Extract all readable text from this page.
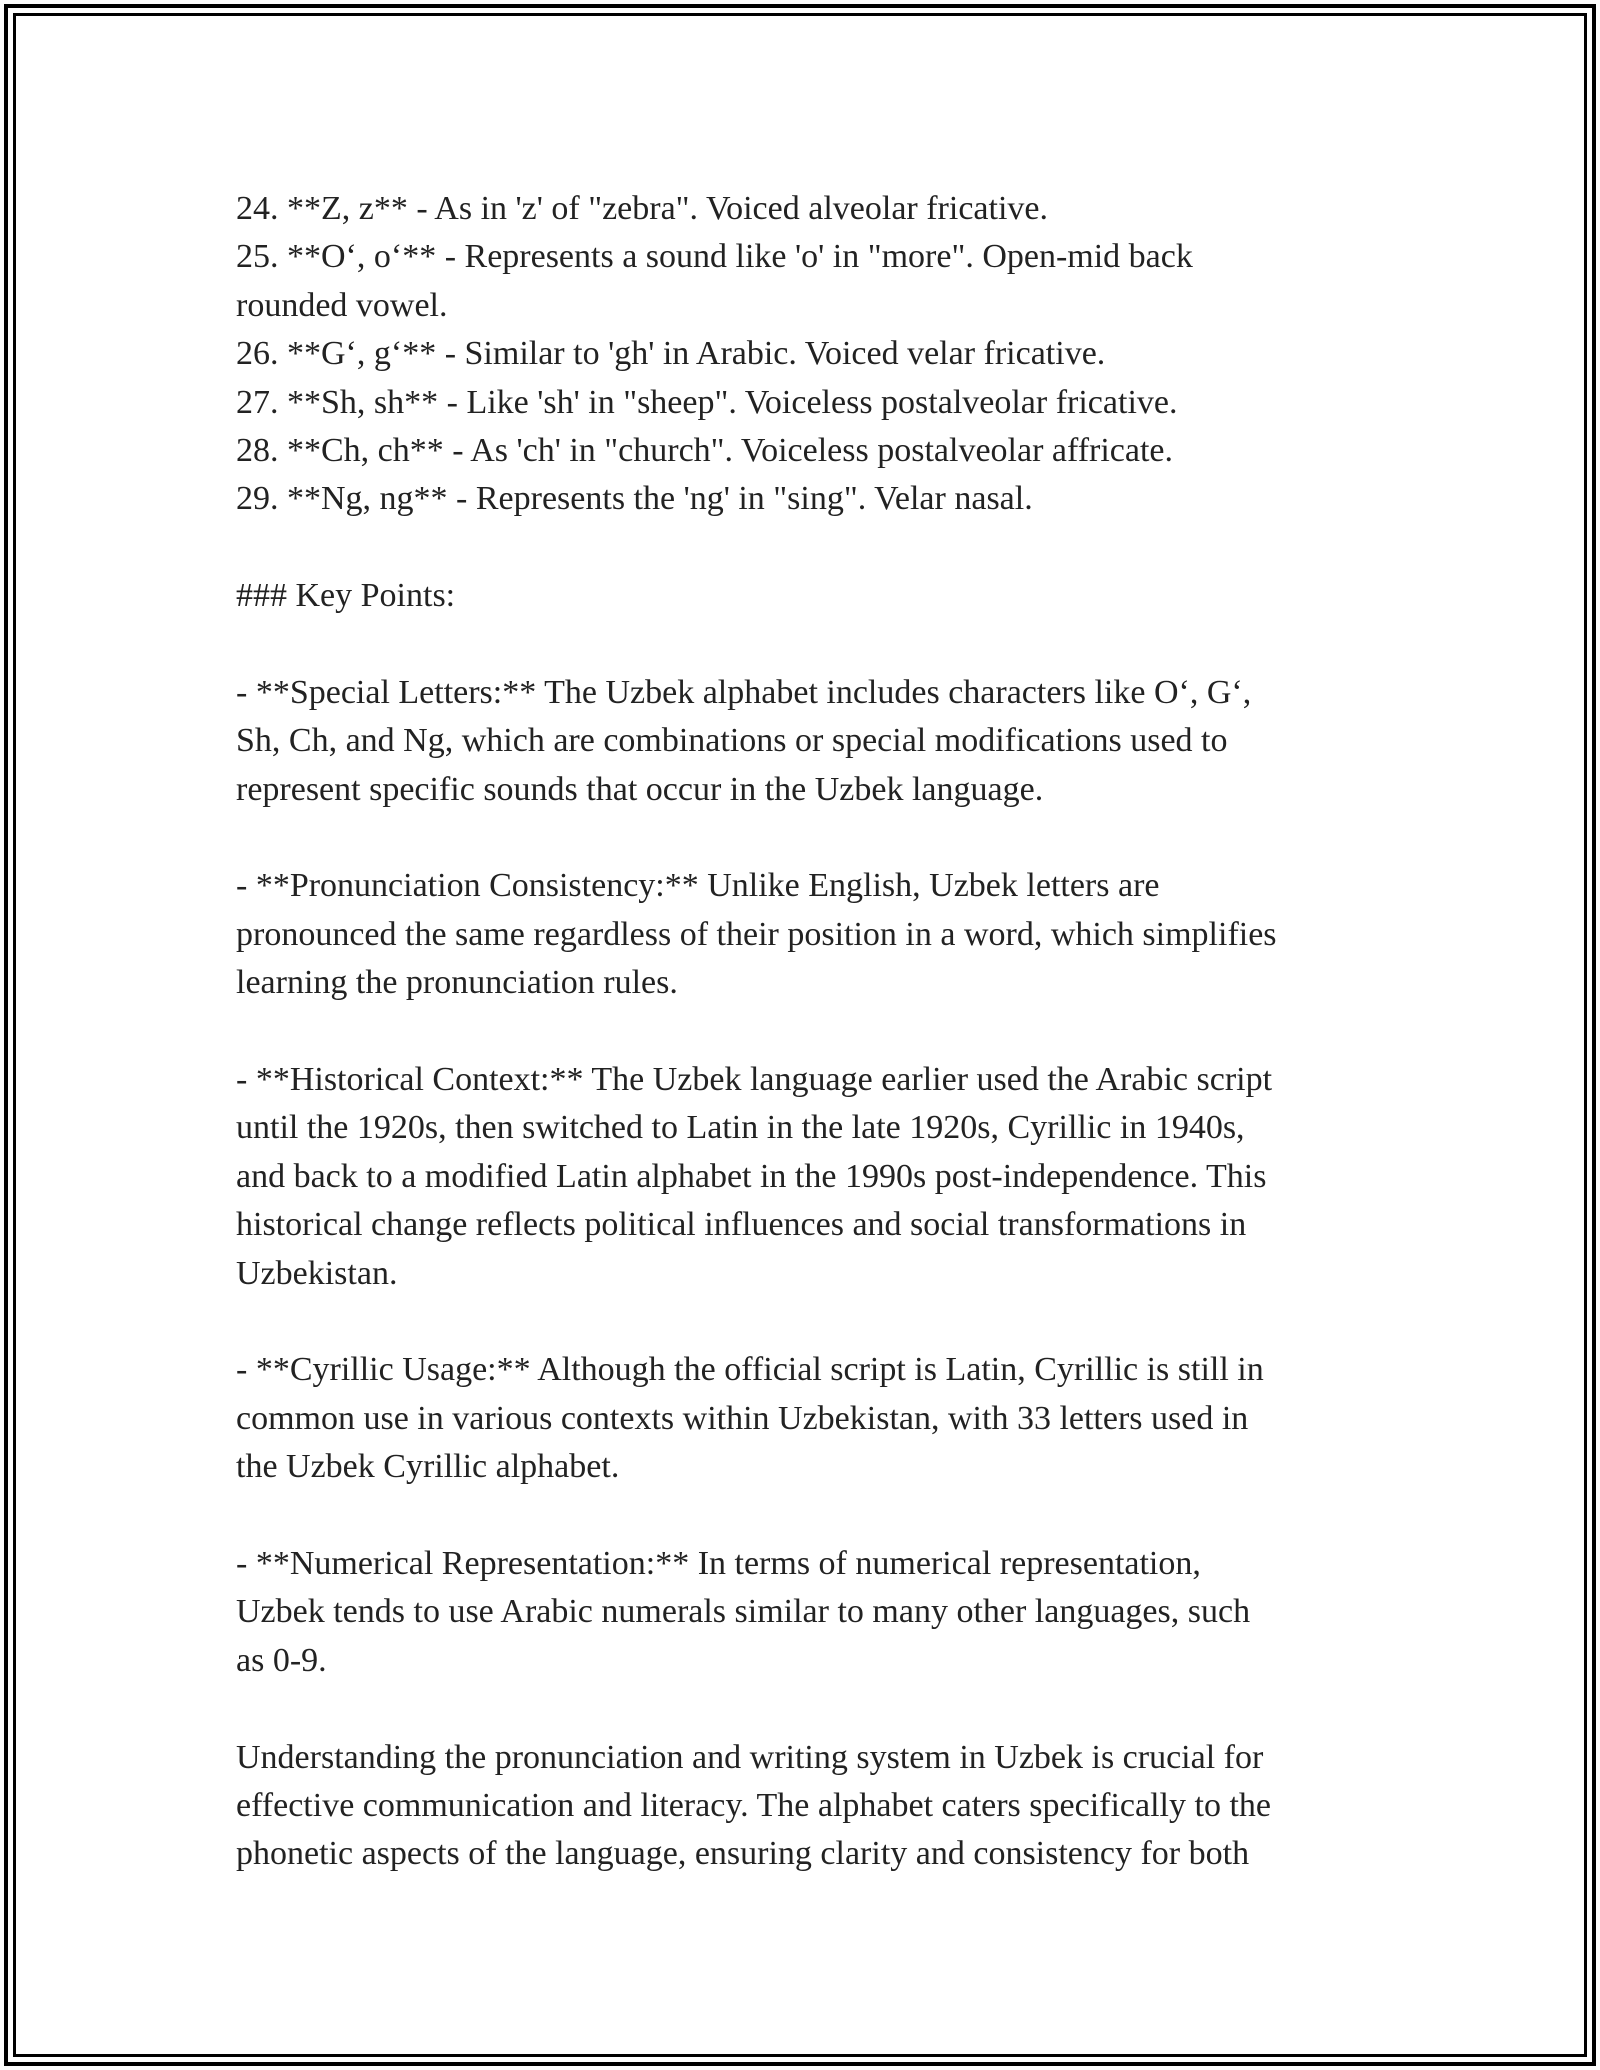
24. **Z, z** - As in 'z' of "zebra". Voiced alveolar fricative.
25. **O‘, o‘** - Represents a sound like 'o' in "more". Open-mid back
rounded vowel.
26. **G‘, g‘** - Similar to 'gh' in Arabic. Voiced velar fricative.
27. **Sh, sh** - Like 'sh' in "sheep". Voiceless postalveolar fricative.
28. **Ch, ch** - As 'ch' in "church". Voiceless postalveolar affricate.
29. **Ng, ng** - Represents the 'ng' in "sing". Velar nasal.
### Key Points:
- **Special Letters:** The Uzbek alphabet includes characters like O‘, G‘,
Sh, Ch, and Ng, which are combinations or special modifications used to
represent specific sounds that occur in the Uzbek language.
- **Pronunciation Consistency:** Unlike English, Uzbek letters are
pronounced the same regardless of their position in a word, which simplifies
learning the pronunciation rules.
- **Historical Context:** The Uzbek language earlier used the Arabic script
until the 1920s, then switched to Latin in the late 1920s, Cyrillic in 1940s,
and back to a modified Latin alphabet in the 1990s post-independence. This
historical change reflects political influences and social transformations in
Uzbekistan.
- **Cyrillic Usage:** Although the official script is Latin, Cyrillic is still in
common use in various contexts within Uzbekistan, with 33 letters used in
the Uzbek Cyrillic alphabet.
- **Numerical Representation:** In terms of numerical representation,
Uzbek tends to use Arabic numerals similar to many other languages, such
as 0-9.
Understanding the pronunciation and writing system in Uzbek is crucial for
effective communication and literacy. The alphabet caters specifically to the
phonetic aspects of the language, ensuring clarity and consistency for both
